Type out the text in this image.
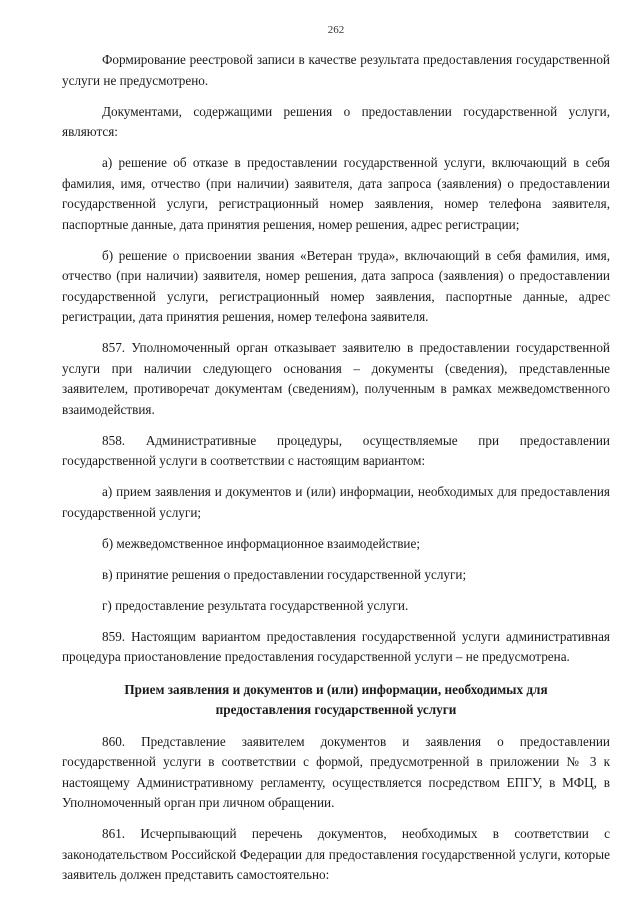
262

Формирование реестровой записи в качестве результата предоставления государственной услуги не предусмотрено.

Документами, содержащими решения о предоставлении государственной услуги, являются:

а) решение об отказе в предоставлении государственной услуги, включающий в себя фамилия, имя, отчество (при наличии) заявителя, дата запроса (заявления) о предоставлении государственной услуги, регистрационный номер заявления, номер телефона заявителя, паспортные данные, дата принятия решения, номер решения, адрес регистрации;

б) решение о присвоении звания «Ветеран труда», включающий в себя фамилия, имя, отчество (при наличии) заявителя, номер решения, дата запроса (заявления) о предоставлении государственной услуги, регистрационный номер заявления, паспортные данные, адрес регистрации, дата принятия решения, номер телефона заявителя.

857. Уполномоченный орган отказывает заявителю в предоставлении государственной услуги при наличии следующего основания – документы (сведения), представленные заявителем, противоречат документам (сведениям), полученным в рамках межведомственного взаимодействия.

858. Административные процедуры, осуществляемые при предоставлении государственной услуги в соответствии с настоящим вариантом:

а) прием заявления и документов и (или) информации, необходимых для предоставления государственной услуги;

б) межведомственное информационное взаимодействие;

в) принятие решения о предоставлении государственной услуги;

г) предоставление результата государственной услуги.

859. Настоящим вариантом предоставления государственной услуги административная процедура приостановление предоставления государственной услуги – не предусмотрена.

Прием заявления и документов и (или) информации, необходимых для предоставления государственной услуги

860. Представление заявителем документов и заявления о предоставлении государственной услуги в соответствии с формой, предусмотренной в приложении № 3 к настоящему Административному регламенту, осуществляется посредством ЕПГУ, в МФЦ, в Уполномоченный орган при личном обращении.

861. Исчерпывающий перечень документов, необходимых в соответствии с законодательством Российской Федерации для предоставления государственной услуги, которые заявитель должен представить самостоятельно:
